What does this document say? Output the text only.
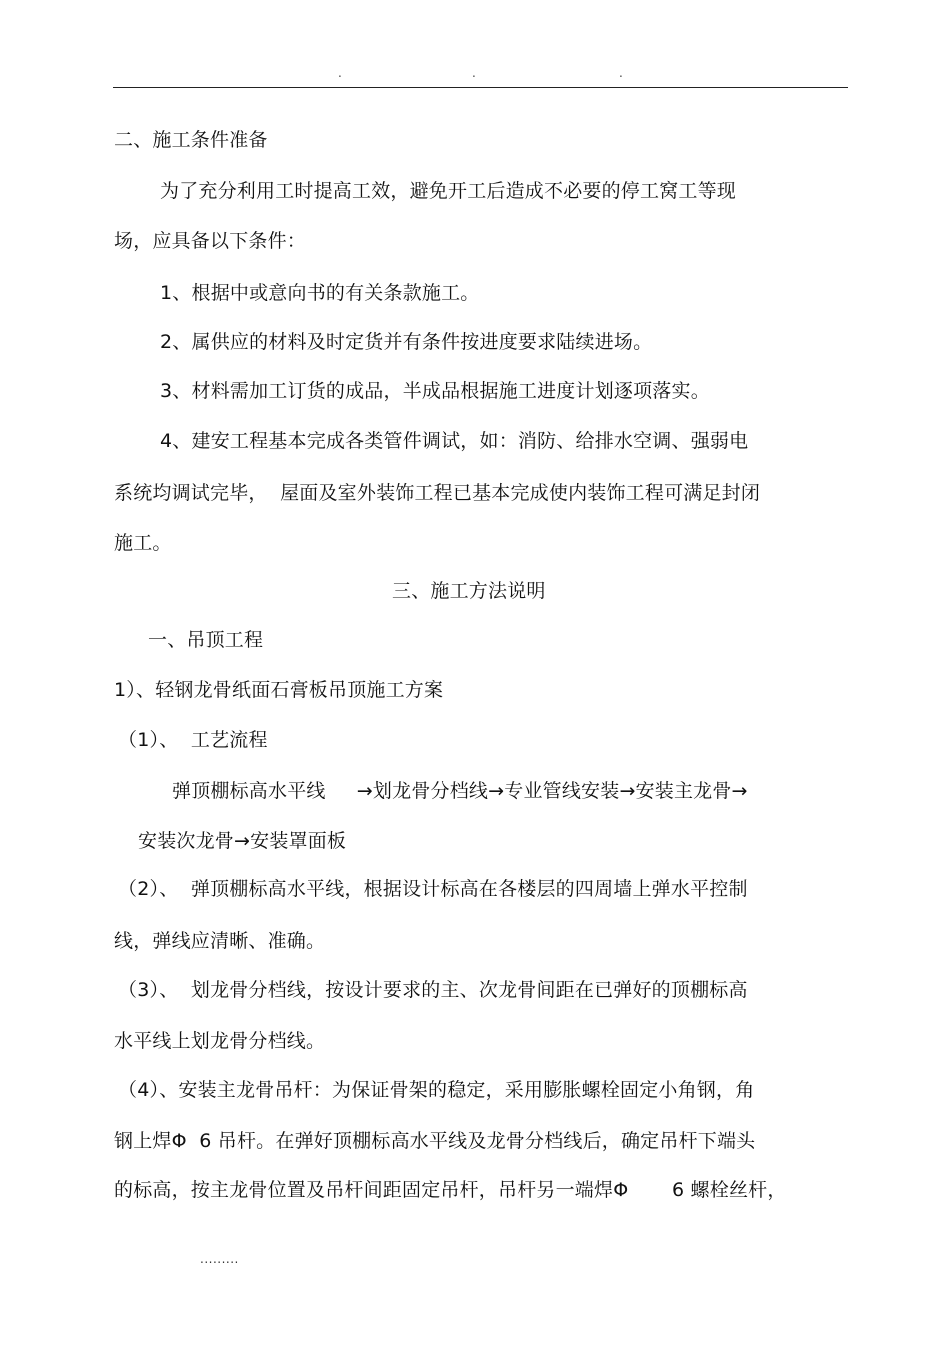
.	.	.
二、施工条件准备
为了充分利用工时提高工效，避免开工后造成不必要的停工窝工等现
场，应具备以下条件：
1、根据中或意向书的有关条款施工。
2、属供应的材料及时定货并有条件按进度要求陆续进场。
3、材料需加工订货的成品，半成品根据施工进度计划逐项落实。
4、建安工程基本完成各类管件调试，如：消防、给排水空调、强弱电
系统均调试完毕，  屋面及室外装饰工程已基本完成使内装饰工程可满足封闭
施工。
三、施工方法说明
一、吊顶工程
1）、轻钢龙骨纸面石膏板吊顶施工方案
（1）、  工艺流程
弹顶棚标高水平线     →划龙骨分档线→专业管线安装→安装主龙骨→
安装次龙骨→安装罩面板
（2）、  弹顶棚标高水平线，根据设计标高在各楼层的四周墙上弹水平控制
线，弹线应清晰、准确。
（3）、  划龙骨分档线，按设计要求的主、次龙骨间距在已弹好的顶棚标高
水平线上划龙骨分档线。
（4）、安装主龙骨吊杆：为保证骨架的稳定，采用膨胀螺栓固定小角钢，角
钢上焊Φ  6 吊杆。在弹好顶棚标高水平线及龙骨分档线后，确定吊杆下端头
的标高，按主龙骨位置及吊杆间距固定吊杆，吊杆另一端焊Φ       6 螺栓丝杆，
.........
